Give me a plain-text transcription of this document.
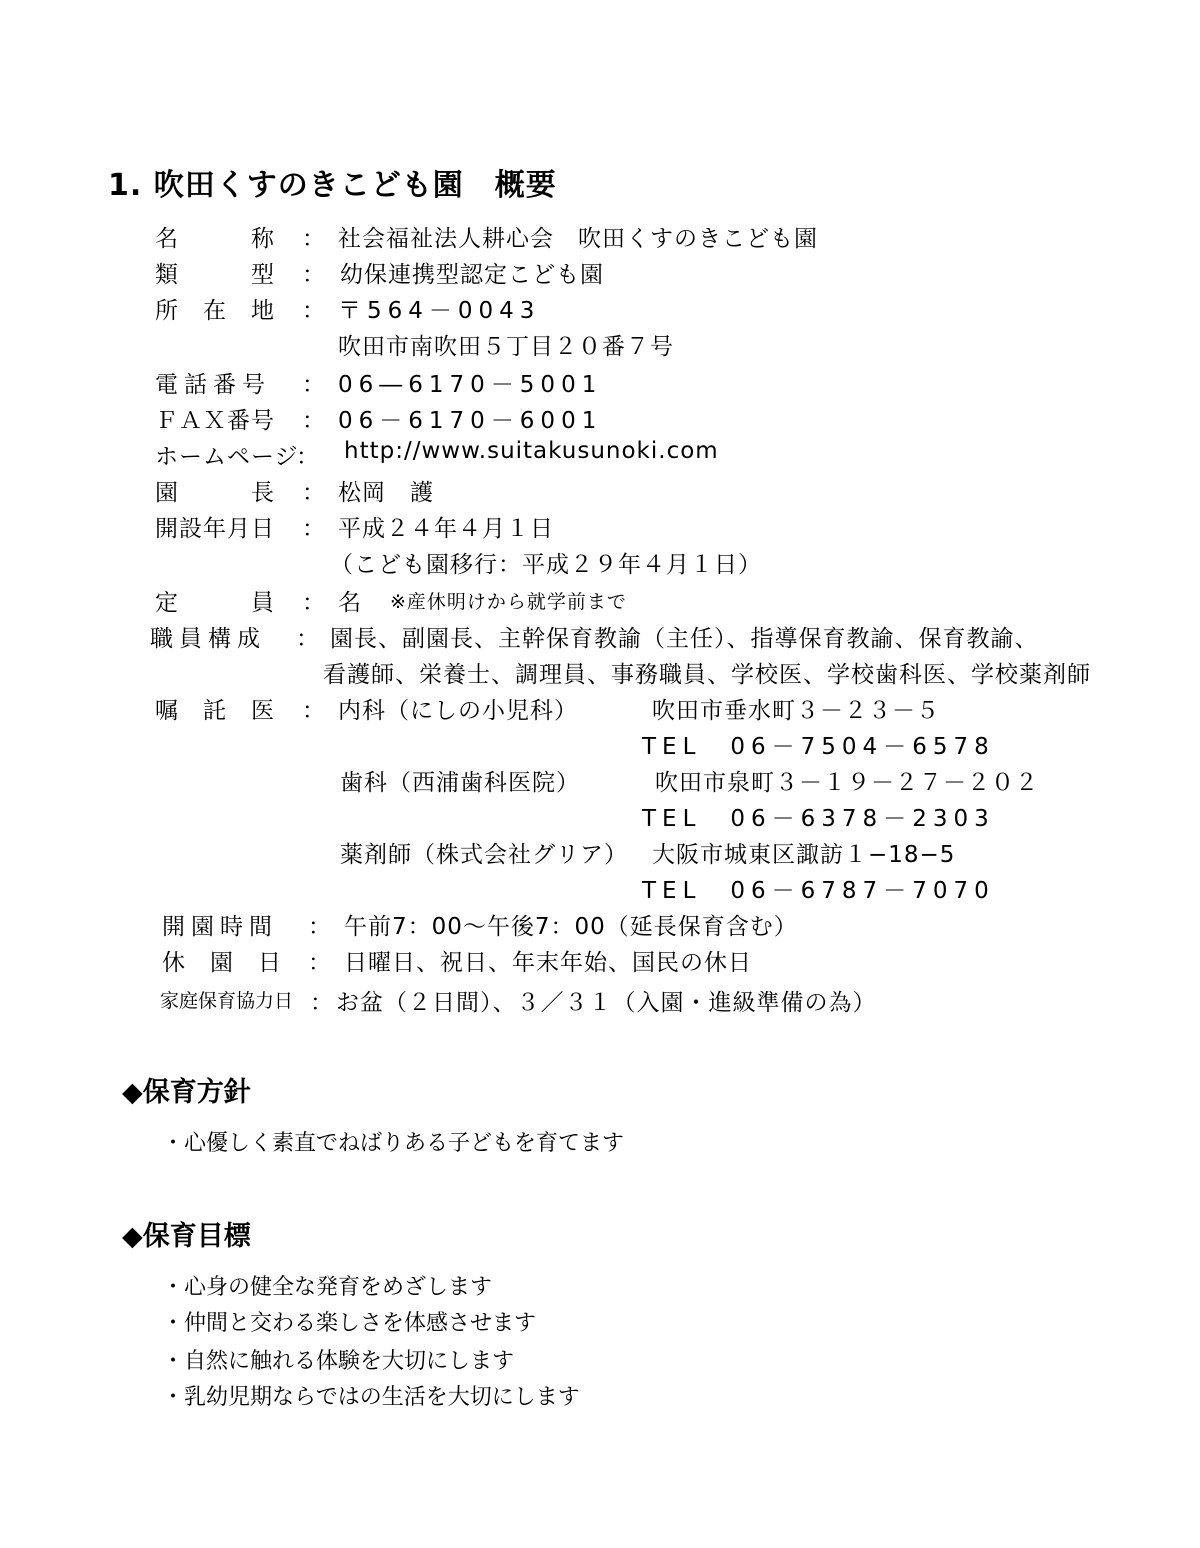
1. 吹田くすのきこども園　概要
名　　　称 ： 社会福祉法人耕心会　吹田くすのきこども園
類　　　型 ： 幼保連携型認定こども園
所　在　地 ： 〒564－0043
吹田市南吹田５丁目２０番７号
電話番号 ： 06―6170－5001
ＦＡＸ番号 ： 06－6170－6001
ホームページ
： http://www.suitakusunoki.com
園　　　長 ： 松岡　護
開設年月日 ： 平成２４年４月１日
（こども園移行：平成２９年４月１日）
定　　　員 ： 名 ※産休明けから就学前まで
職員構成 ： 園長、副園長、主幹保育教諭（主任）、指導保育教諭、保育教諭、
看護師、栄養士、調理員、事務職員、学校医、学校歯科医、学校薬剤師
嘱　託　医 ： 内科（にしの小児科）	吹田市垂水町３－２３－５
TEL　06－7504－6578
歯科（西浦歯科医院）	吹田市泉町３－１９－２７－２０２
TEL　06－6378－2303
薬剤師（株式会社グリア） 大阪市城東区諏訪１−18−5
TEL　06－6787－7070
開園時間 ： 午前7：00～午後7：00（延長保育含む）
休　園　日 ： 日曜日、祝日、年末年始、国民の休日
家庭保育協力日 ： お盆（２日間）、３／３１（入園・進級準備の為）
◆保育方針
・心優しく素直でねばりある子どもを育てます
◆保育目標
・心身の健全な発育をめざします
・仲間と交わる楽しさを体感させます
・自然に触れる体験を大切にします
・乳幼児期ならではの生活を大切にします
